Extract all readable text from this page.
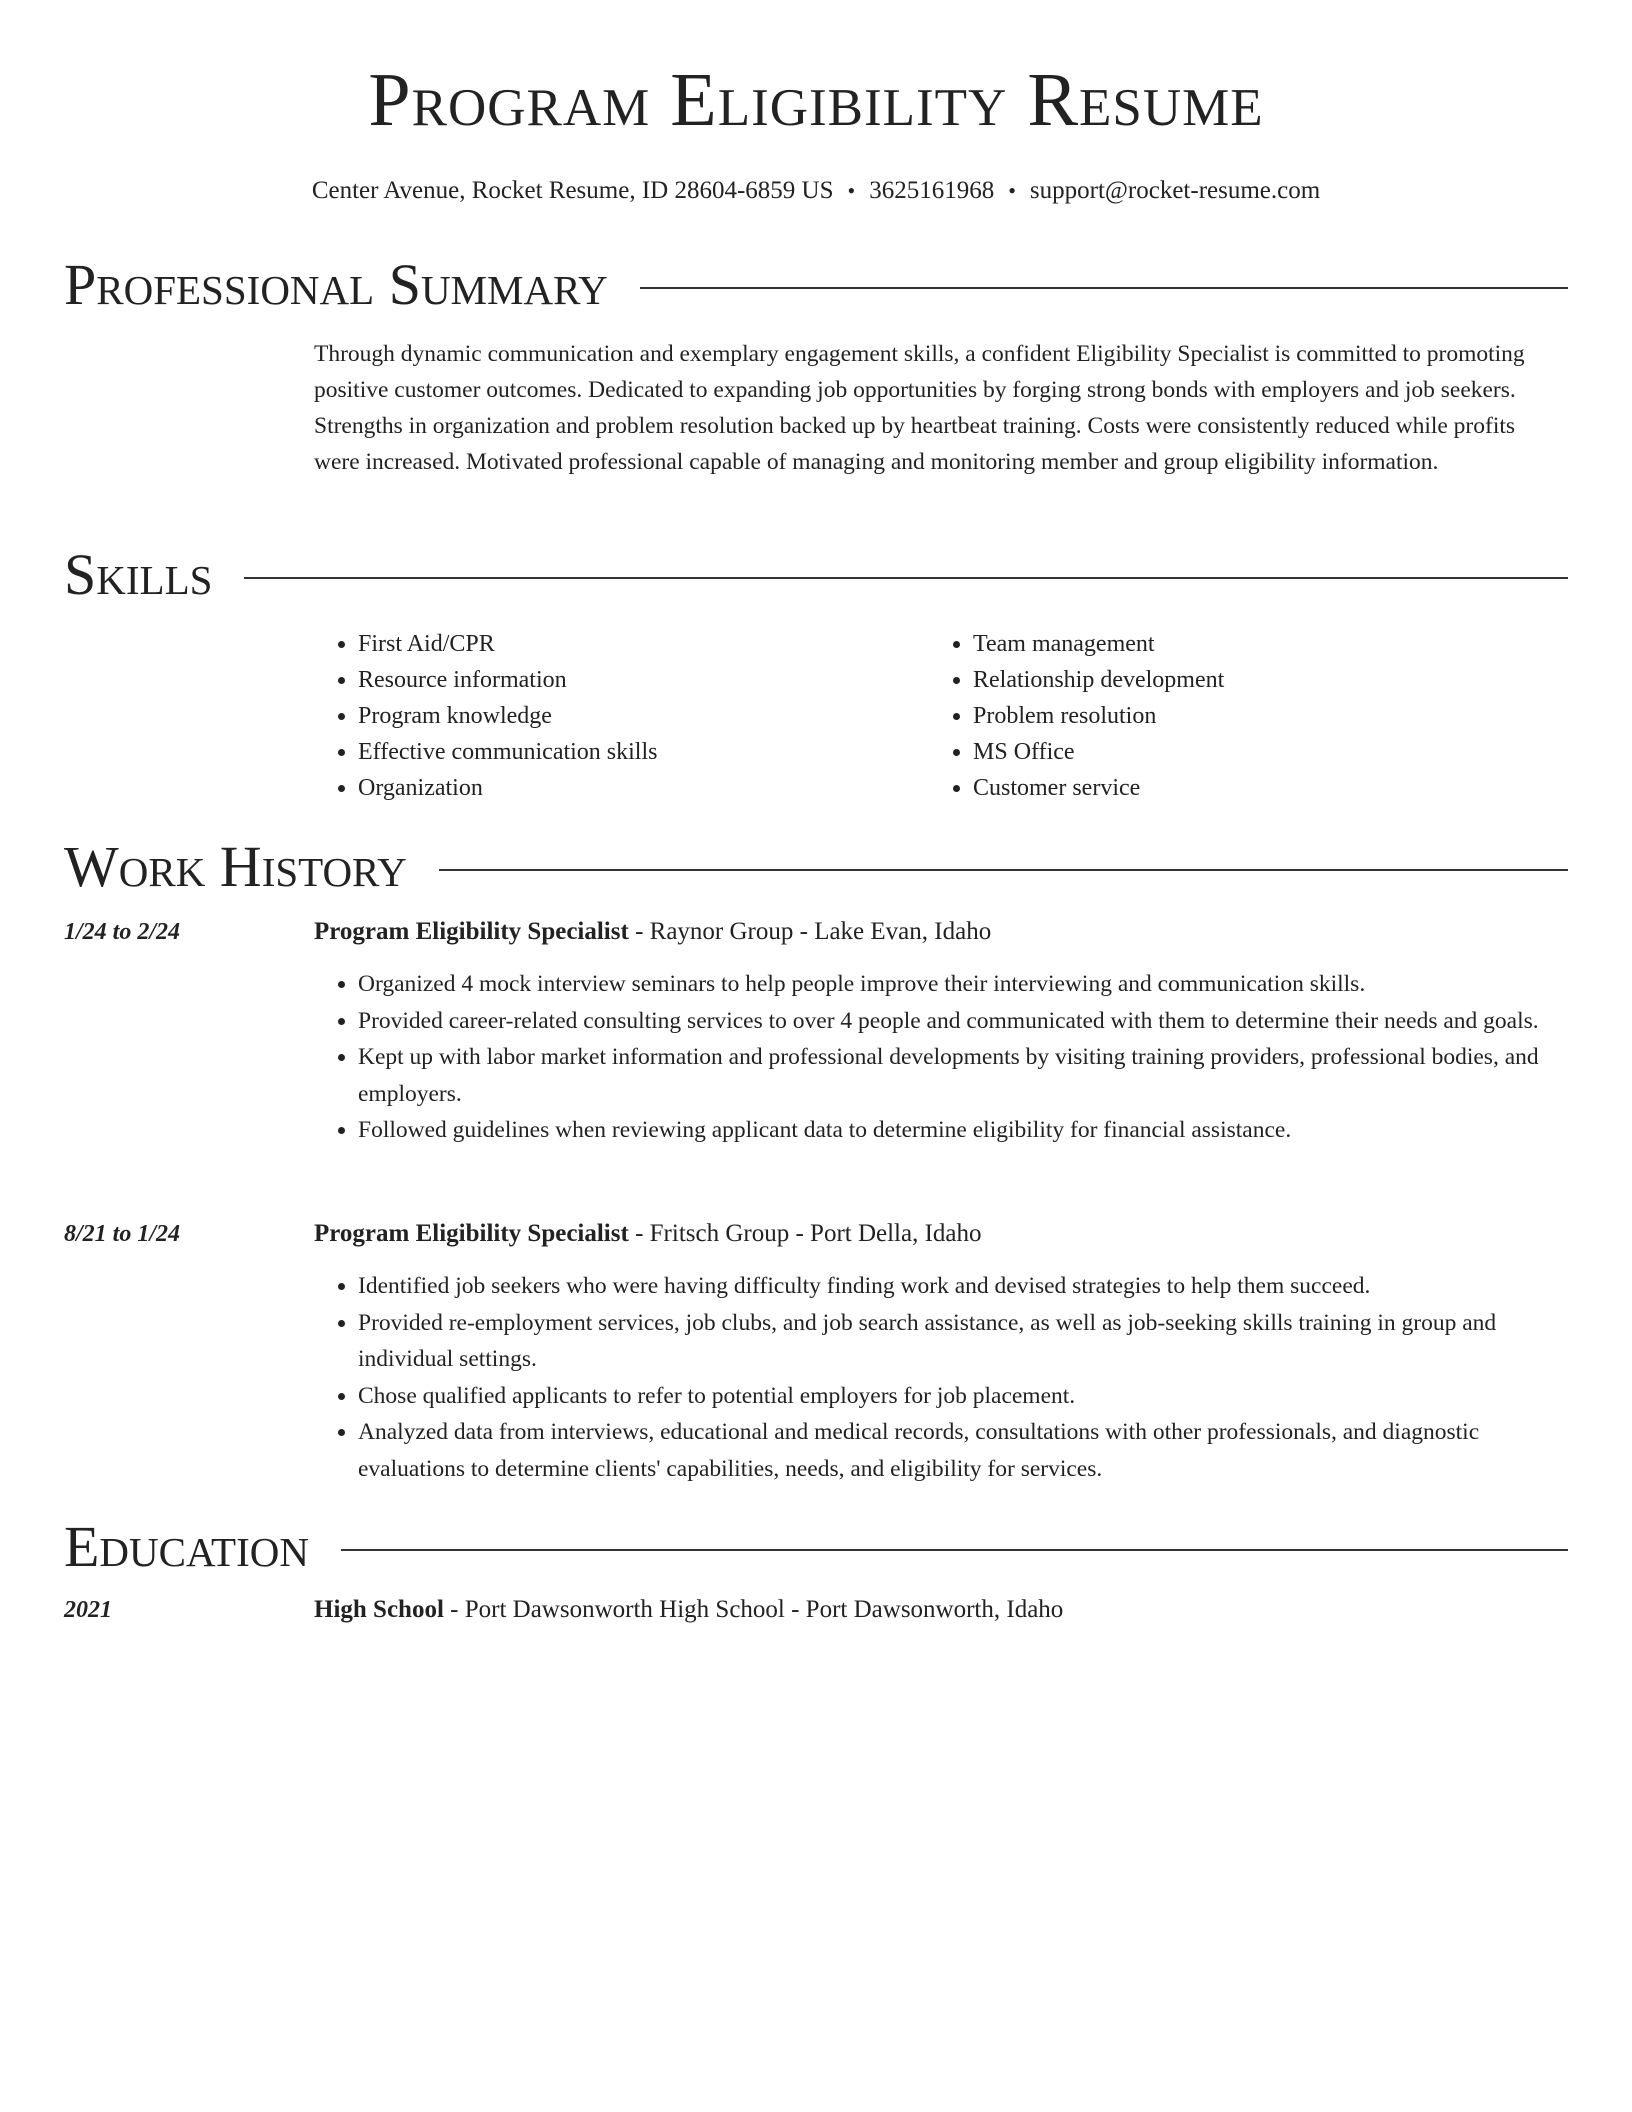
Program Eligibility Resume
Center Avenue, Rocket Resume, ID 28604-6859 US • 3625161968 • support@rocket-resume.com
Professional Summary

Through dynamic communication and exemplary engagement skills, a confident Eligibility Specialist is committed to promoting positive customer outcomes. Dedicated to expanding job opportunities by forging strong bonds with employers and job seekers. Strengths in organization and problem resolution backed up by heartbeat training. Costs were consistently reduced while profits were increased. Motivated professional capable of managing and monitoring member and group eligibility information.

Skills
• First Aid/CPR
• Resource information
• Program knowledge
• Effective communication skills
• Organization
• Team management
• Relationship development
• Problem resolution
• MS Office
• Customer service
Work History
1/24 to 2/24	Program Eligibility Specialist - Raynor Group - Lake Evan, Idaho
• Organized 4 mock interview seminars to help people improve their interviewing and communication skills.
• Provided career-related consulting services to over 4 people and communicated with them to determine their needs and goals.
• Kept up with labor market information and professional developments by visiting training providers, professional bodies, and employers.
• Followed guidelines when reviewing applicant data to determine eligibility for financial assistance.
8/21 to 1/24	Program Eligibility Specialist - Fritsch Group - Port Della, Idaho
• Identified job seekers who were having difficulty finding work and devised strategies to help them succeed.
• Provided re-employment services, job clubs, and job search assistance, as well as job-seeking skills training in group and individual settings.
• Chose qualified applicants to refer to potential employers for job placement.
• Analyzed data from interviews, educational and medical records, consultations with other professionals, and diagnostic evaluations to determine clients' capabilities, needs, and eligibility for services.
Education
2021	High School - Port Dawsonworth High School - Port Dawsonworth, Idaho
